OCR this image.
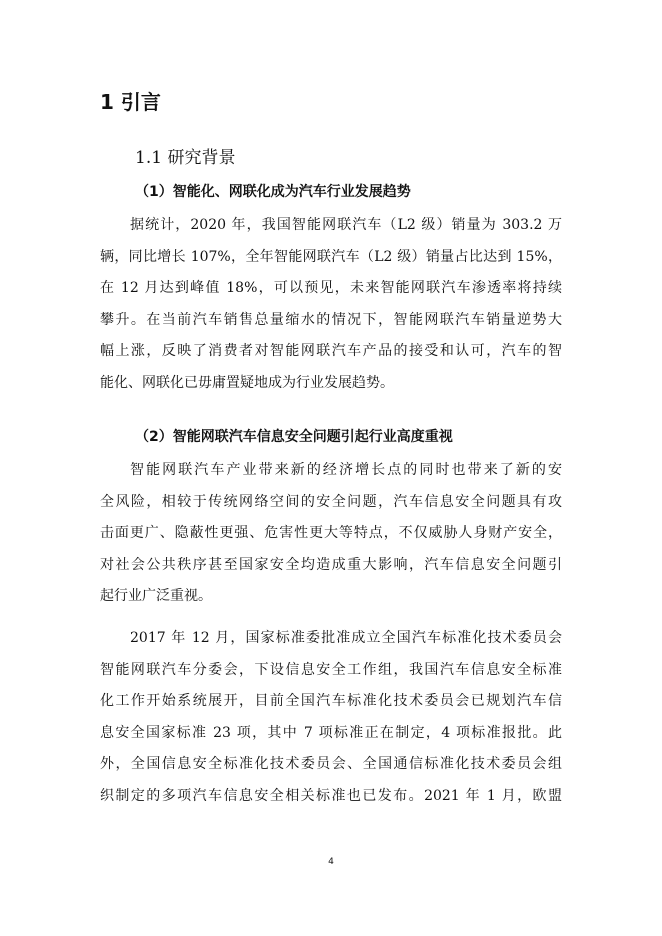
1 引言
1.1 研究背景
（1）智能化、网联化成为汽车行业发展趋势
据统计，2020 年，我国智能网联汽车（L2 级）销量为 303.2 万
辆，同比增长 107%，全年智能网联汽车（L2 级）销量占比达到 15%，
在 12 月达到峰值 18%，可以预见，未来智能网联汽车渗透率将持续
攀升。在当前汽车销售总量缩水的情况下，智能网联汽车销量逆势大
幅上涨，反映了消费者对智能网联汽车产品的接受和认可，汽车的智
能化、网联化已毋庸置疑地成为行业发展趋势。
（2）智能网联汽车信息安全问题引起行业高度重视
智能网联汽车产业带来新的经济增长点的同时也带来了新的安
全风险，相较于传统网络空间的安全问题，汽车信息安全问题具有攻
击面更广、隐蔽性更强、危害性更大等特点，不仅威胁人身财产安全，
对社会公共秩序甚至国家安全均造成重大影响，汽车信息安全问题引
起行业广泛重视。
2017 年 12 月，国家标准委批准成立全国汽车标准化技术委员会
智能网联汽车分委会，下设信息安全工作组，我国汽车信息安全标准
化工作开始系统展开，目前全国汽车标准化技术委员会已规划汽车信
息安全国家标准 23 项，其中 7 项标准正在制定，4 项标准报批。此
外，全国信息安全标准化技术委员会、全国通信标准化技术委员会组
织制定的多项汽车信息安全相关标准也已发布。2021 年 1 月，欧盟
4
